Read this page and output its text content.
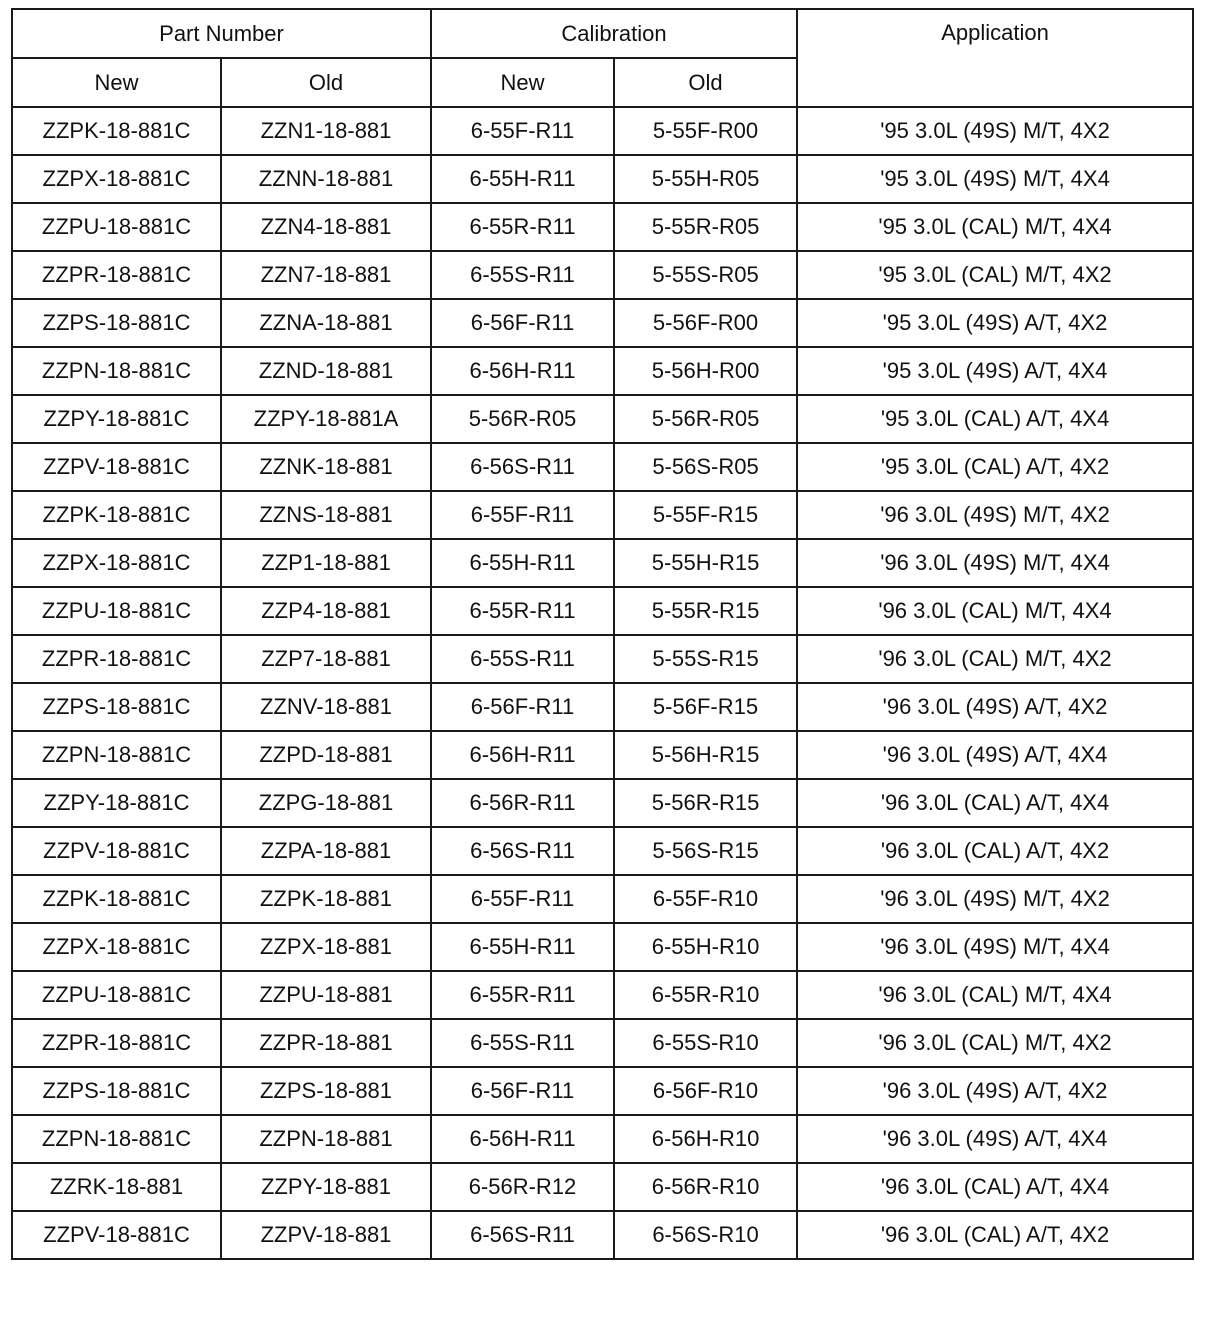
Part Number		Calibration		Application
New	Old	New	Old	
ZZPK-18-881C	ZZN1-18-881	6-55F-R11	5-55F-R00	'95 3.0L (49S) M/T, 4X2
ZZPX-18-881C	ZZNN-18-881	6-55H-R11	5-55H-R05	'95 3.0L (49S) M/T, 4X4
ZZPU-18-881C	ZZN4-18-881	6-55R-R11	5-55R-R05	'95 3.0L (CAL) M/T, 4X4
ZZPR-18-881C	ZZN7-18-881	6-55S-R11	5-55S-R05	'95 3.0L (CAL) M/T, 4X2
ZZPS-18-881C	ZZNA-18-881	6-56F-R11	5-56F-R00	'95 3.0L (49S) A/T, 4X2
ZZPN-18-881C	ZZND-18-881	6-56H-R11	5-56H-R00	'95 3.0L (49S) A/T, 4X4
ZZPY-18-881C	ZZPY-18-881A	5-56R-R05	5-56R-R05	'95 3.0L (CAL) A/T, 4X4
ZZPV-18-881C	ZZNK-18-881	6-56S-R11	5-56S-R05	'95 3.0L (CAL) A/T, 4X2
ZZPK-18-881C	ZZNS-18-881	6-55F-R11	5-55F-R15	'96 3.0L (49S) M/T, 4X2
ZZPX-18-881C	ZZP1-18-881	6-55H-R11	5-55H-R15	'96 3.0L (49S) M/T, 4X4
ZZPU-18-881C	ZZP4-18-881	6-55R-R11	5-55R-R15	'96 3.0L (CAL) M/T, 4X4
ZZPR-18-881C	ZZP7-18-881	6-55S-R11	5-55S-R15	'96 3.0L (CAL) M/T, 4X2
ZZPS-18-881C	ZZNV-18-881	6-56F-R11	5-56F-R15	'96 3.0L (49S) A/T, 4X2
ZZPN-18-881C	ZZPD-18-881	6-56H-R11	5-56H-R15	'96 3.0L (49S) A/T, 4X4
ZZPY-18-881C	ZZPG-18-881	6-56R-R11	5-56R-R15	'96 3.0L (CAL) A/T, 4X4
ZZPV-18-881C	ZZPA-18-881	6-56S-R11	5-56S-R15	'96 3.0L (CAL) A/T, 4X2
ZZPK-18-881C	ZZPK-18-881	6-55F-R11	6-55F-R10	'96 3.0L (49S) M/T, 4X2
ZZPX-18-881C	ZZPX-18-881	6-55H-R11	6-55H-R10	'96 3.0L (49S) M/T, 4X4
ZZPU-18-881C	ZZPU-18-881	6-55R-R11	6-55R-R10	'96 3.0L (CAL) M/T, 4X4
ZZPR-18-881C	ZZPR-18-881	6-55S-R11	6-55S-R10	'96 3.0L (CAL) M/T, 4X2
ZZPS-18-881C	ZZPS-18-881	6-56F-R11	6-56F-R10	'96 3.0L (49S) A/T, 4X2
ZZPN-18-881C	ZZPN-18-881	6-56H-R11	6-56H-R10	'96 3.0L (49S) A/T, 4X4
ZZRK-18-881	ZZPY-18-881	6-56R-R12	6-56R-R10	'96 3.0L (CAL) A/T, 4X4
ZZPV-18-881C	ZZPV-18-881	6-56S-R11	6-56S-R10	'96 3.0L (CAL) A/T, 4X2
